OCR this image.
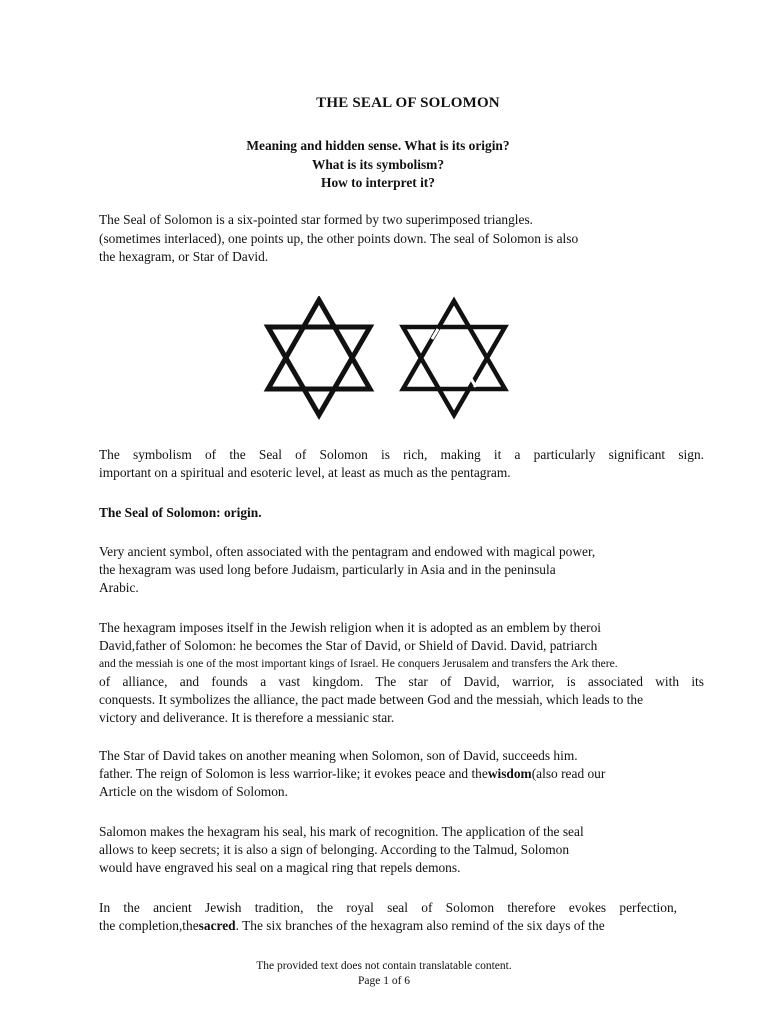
THE SEAL OF SOLOMON
Meaning and hidden sense. What is its origin?
What is its symbolism?
How to interpret it?
The Seal of Solomon is a six-pointed star formed by two superimposed triangles.
(sometimes interlaced), one points up, the other points down. The seal of Solomon is also
the hexagram, or Star of David.
The symbolism of the Seal of Solomon is rich, making it a particularly significant sign.
important on a spiritual and esoteric level, at least as much as the pentagram.
The Seal of Solomon: origin.
Very ancient symbol, often associated with the pentagram and endowed with magical power,
the hexagram was used long before Judaism, particularly in Asia and in the peninsula
Arabic.
The hexagram imposes itself in the Jewish religion when it is adopted as an emblem by theroi
David,father of Solomon: he becomes the Star of David, or Shield of David. David, patriarch
and the messiah is one of the most important kings of Israel. He conquers Jerusalem and transfers the Ark there.
of alliance, and founds a vast kingdom. The star of David, warrior, is associated with its
conquests. It symbolizes the alliance, the pact made between God and the messiah, which leads to the
victory and deliverance. It is therefore a messianic star.
The Star of David takes on another meaning when Solomon, son of David, succeeds him.
father. The reign of Solomon is less warrior-like; it evokes peace and thewisdom(also read our
Article on the wisdom of Solomon.
Salomon makes the hexagram his seal, his mark of recognition. The application of the seal
allows to keep secrets; it is also a sign of belonging. According to the Talmud, Solomon
would have engraved his seal on a magical ring that repels demons.
In the ancient Jewish tradition, the royal seal of Solomon therefore evokes perfection,
the completion,thesacred. The six branches of the hexagram also remind of the six days of the
The provided text does not contain translatable content.
Page 1 of 6
